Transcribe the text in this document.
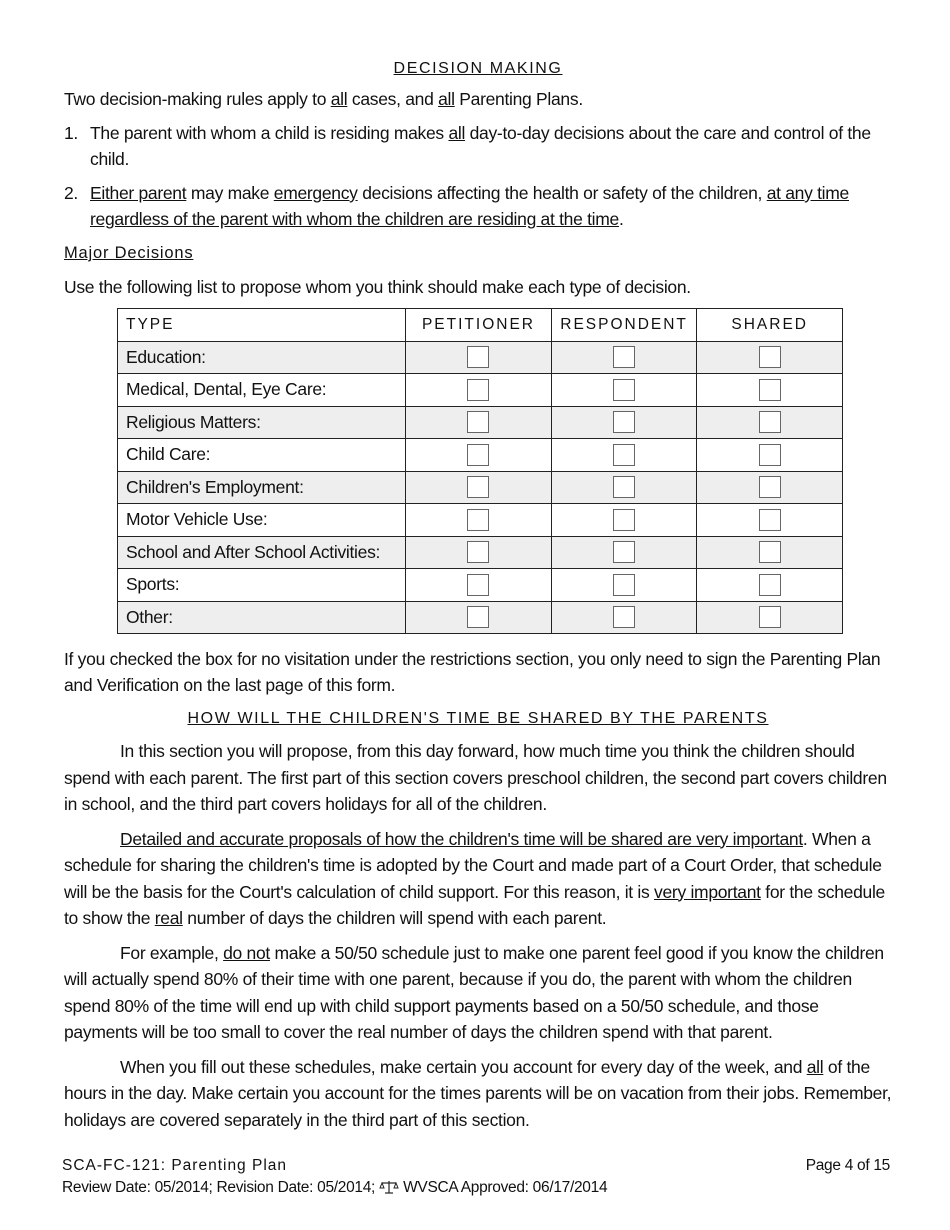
DECISION MAKING

Two decision-making rules apply to all cases, and all Parenting Plans.

1. The parent with whom a child is residing makes all day-to-day decisions about the care and control of the child.
2. Either parent may make emergency decisions affecting the health or safety of the children, at any time regardless of the parent with whom the children are residing at the time.
Major Decisions

Use the following list to propose whom you think should make each type of decision.

TYPE	PETITIONER	RESPONDENT	SHARED
Education:			
Medical, Dental, Eye Care:			
Religious Matters:			
Child Care:			
Children's Employment:			
Motor Vehicle Use:			
School and After School Activities:			
Sports:			
Other:			

If you checked the box for no visitation under the restrictions section, you only need to sign the Parenting Plan and Verification on the last page of this form.

HOW WILL THE CHILDREN'S TIME BE SHARED BY THE PARENTS

In this section you will propose, from this day forward, how much time you think the children should spend with each parent. The first part of this section covers preschool children, the second part covers children in school, and the third part covers holidays for all of the children.

Detailed and accurate proposals of how the children's time will be shared are very important. When a schedule for sharing the children's time is adopted by the Court and made part of a Court Order, that schedule will be the basis for the Court's calculation of child support. For this reason, it is very important for the schedule to show the real number of days the children will spend with each parent.

For example, do not make a 50/50 schedule just to make one parent feel good if you know the children will actually spend 80% of their time with one parent, because if you do, the parent with whom the children spend 80% of the time will end up with child support payments based on a 50/50 schedule, and those payments will be too small to cover the real number of days the children spend with that parent.

When you fill out these schedules, make certain you account for every day of the week, and all of the hours in the day. Make certain you account for the times parents will be on vacation from their jobs. Remember, holidays are covered separately in the third part of this section.

SCA-FC-121: Parenting Plan	Page 4 of 15
Review Date: 05/2014; Revision Date: 05/2014;  WVSCA Approved: 06/17/2014
